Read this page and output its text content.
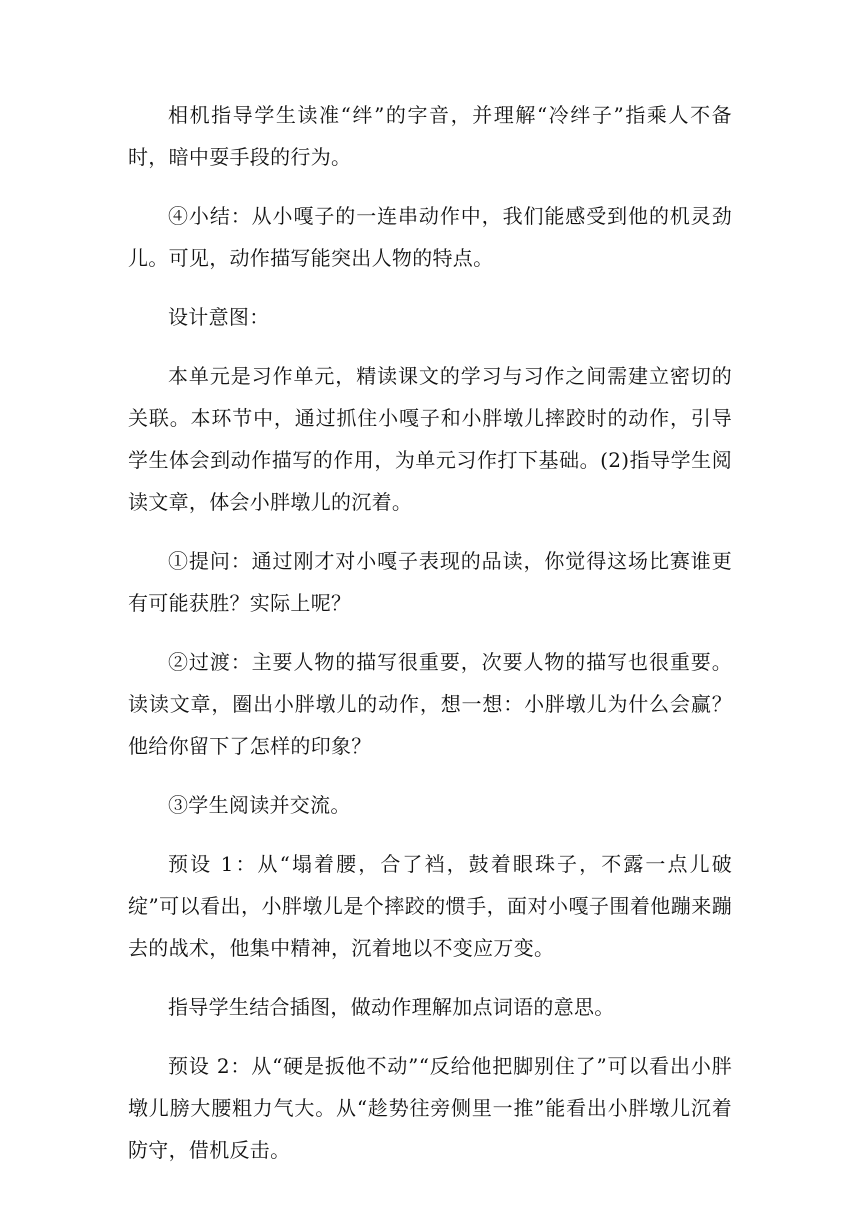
相机指导学生读准“绊”的字音，并理解“冷绊子”指乘人不备时，暗中耍手段的行为。

④小结：从小嘎子的一连串动作中，我们能感受到他的机灵劲儿。可见，动作描写能突出人物的特点。

设计意图：

本单元是习作单元，精读课文的学习与习作之间需建立密切的关联。本环节中，通过抓住小嘎子和小胖墩儿摔跤时的动作，引导学生体会到动作描写的作用，为单元习作打下基础。(2)指导学生阅读文章，体会小胖墩儿的沉着。

①提问：通过刚才对小嘎子表现的品读，你觉得这场比赛谁更有可能获胜？实际上呢？

②过渡：主要人物的描写很重要，次要人物的描写也很重要。读读文章，圈出小胖墩儿的动作，想一想：小胖墩儿为什么会赢？他给你留下了怎样的印象？

③学生阅读并交流。

预设 1：从“塌着腰，合了裆，鼓着眼珠子，不露一点儿破绽”可以看出，小胖墩儿是个摔跤的惯手，面对小嘎子围着他蹦来蹦去的战术，他集中精神，沉着地以不变应万变。

指导学生结合插图，做动作理解加点词语的意思。

预设 2：从“硬是扳他不动”“反给他把脚别住了”可以看出小胖墩儿膀大腰粗力气大。从“趁势往旁侧里一推”能看出小胖墩儿沉着防守，借机反击。
